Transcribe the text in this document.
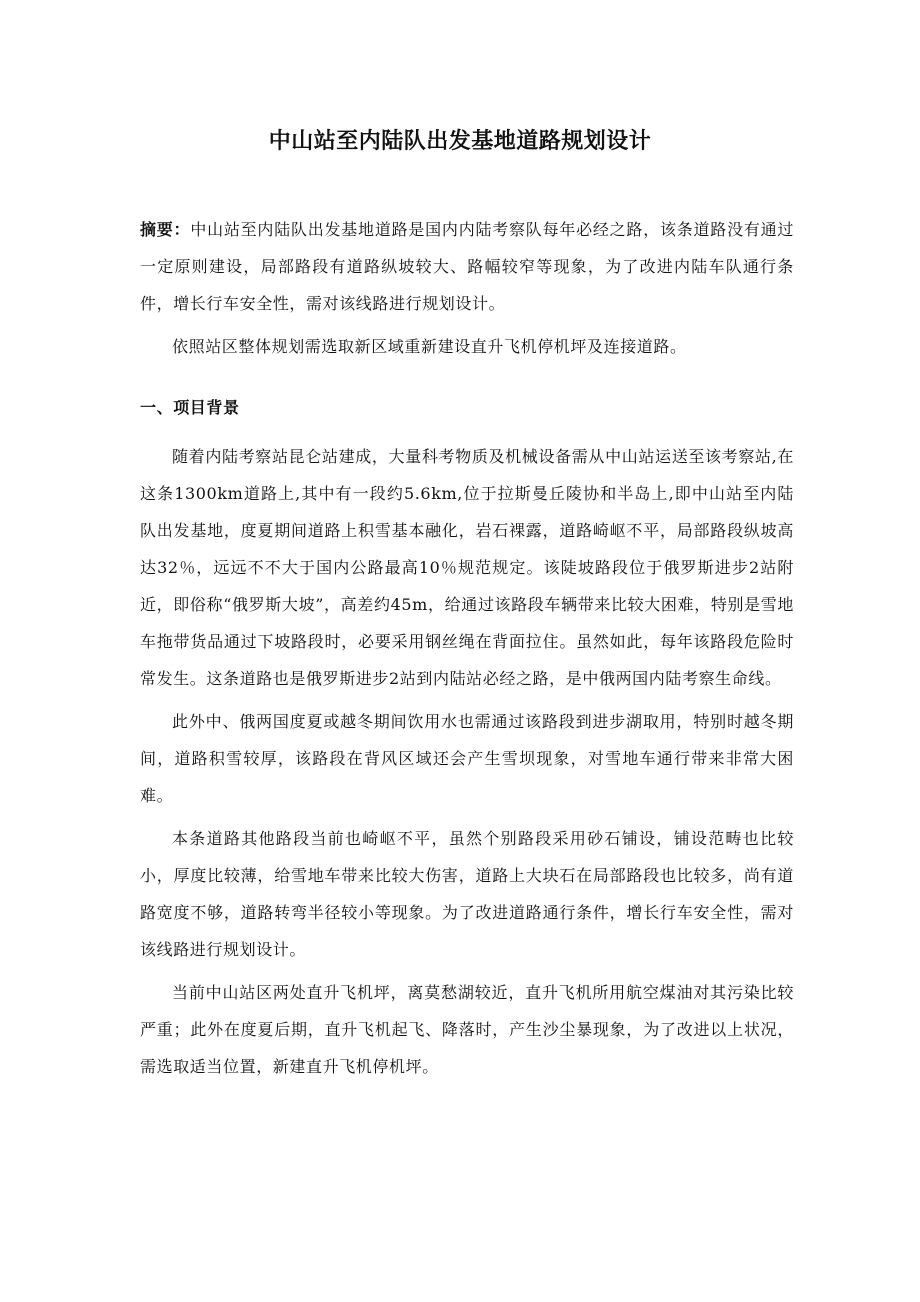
中山站至内陆队出发基地道路规划设计

摘要：中山站至内陆队出发基地道路是国内内陆考察队每年必经之路，该条道路没有通过一定原则建设，局部路段有道路纵坡较大、路幅较窄等现象，为了改进内陆车队通行条件，增长行车安全性，需对该线路进行规划设计。

依照站区整体规划需选取新区域重新建设直升飞机停机坪及连接道路。

一、项目背景

随着内陆考察站昆仑站建成，大量科考物质及机械设备需从中山站运送至该考察站,在这条1300km道路上,其中有一段约5.6km,位于拉斯曼丘陵协和半岛上,即中山站至内陆队出发基地，度夏期间道路上积雪基本融化，岩石裸露，道路崎岖不平，局部路段纵坡高达32％，远远不不大于国内公路最高10％规范规定。该陡坡路段位于俄罗斯进步2站附近，即俗称“俄罗斯大坡”，高差约45m，给通过该路段车辆带来比较大困难，特别是雪地车拖带货品通过下坡路段时，必要采用钢丝绳在背面拉住。虽然如此，每年该路段危险时常发生。这条道路也是俄罗斯进步2站到内陆站必经之路，是中俄两国内陆考察生命线。

此外中、俄两国度夏或越冬期间饮用水也需通过该路段到进步湖取用，特别时越冬期间，道路积雪较厚，该路段在背风区域还会产生雪坝现象，对雪地车通行带来非常大困难。

本条道路其他路段当前也崎岖不平，虽然个别路段采用砂石铺设，铺设范畴也比较小，厚度比较薄，给雪地车带来比较大伤害，道路上大块石在局部路段也比较多，尚有道路宽度不够，道路转弯半径较小等现象。为了改进道路通行条件，增长行车安全性，需对该线路进行规划设计。

当前中山站区两处直升飞机坪，离莫愁湖较近，直升飞机所用航空煤油对其污染比较严重；此外在度夏后期，直升飞机起飞、降落时，产生沙尘暴现象，为了改进以上状况，需选取适当位置，新建直升飞机停机坪。
